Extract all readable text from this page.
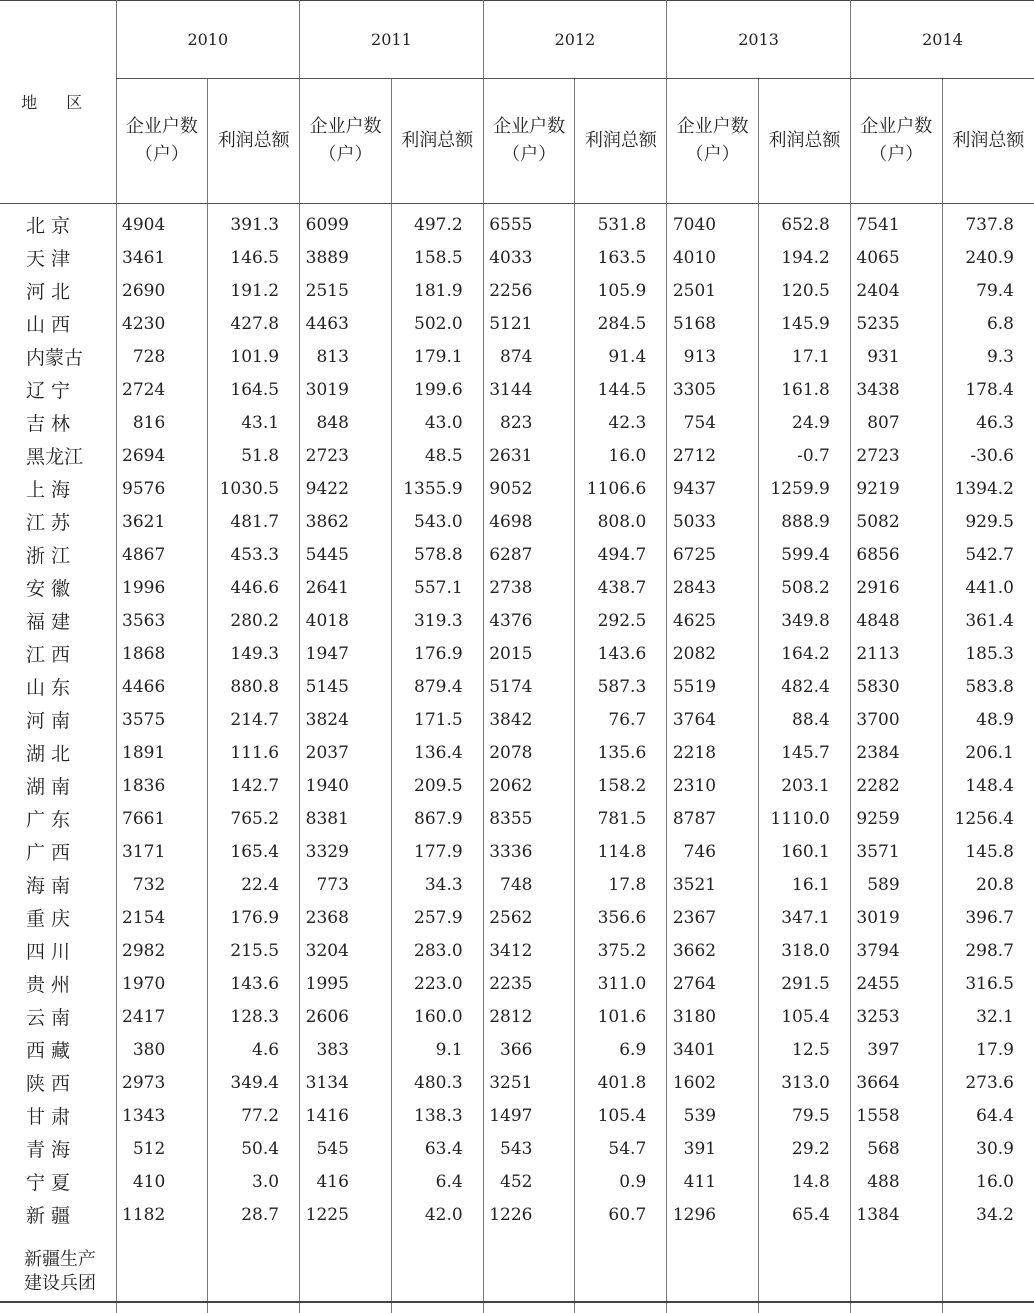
地 区	2010		2011		2012		2013		2014	
	企业户数（户）	利润总额	企业户数（户）	利润总额	企业户数（户）	利润总额	企业户数（户）	利润总额	企业户数（户）	利润总额
北 京	4904	391.3	6099	497.2	6555	531.8	7040	652.8	7541	737.8
天 津	3461	146.5	3889	158.5	4033	163.5	4010	194.2	4065	240.9
河 北	2690	191.2	2515	181.9	2256	105.9	2501	120.5	2404	79.4
山 西	4230	427.8	4463	502.0	5121	284.5	5168	145.9	5235	6.8
内蒙古	728	101.9	813	179.1	874	91.4	913	17.1	931	9.3
辽 宁	2724	164.5	3019	199.6	3144	144.5	3305	161.8	3438	178.4
吉 林	816	43.1	848	43.0	823	42.3	754	24.9	807	46.3
黑龙江	2694	51.8	2723	48.5	2631	16.0	2712	-0.7	2723	-30.6
上 海	9576	1030.5	9422	1355.9	9052	1106.6	9437	1259.9	9219	1394.2
江 苏	3621	481.7	3862	543.0	4698	808.0	5033	888.9	5082	929.5
浙 江	4867	453.3	5445	578.8	6287	494.7	6725	599.4	6856	542.7
安 徽	1996	446.6	2641	557.1	2738	438.7	2843	508.2	2916	441.0
福 建	3563	280.2	4018	319.3	4376	292.5	4625	349.8	4848	361.4
江 西	1868	149.3	1947	176.9	2015	143.6	2082	164.2	2113	185.3
山 东	4466	880.8	5145	879.4	5174	587.3	5519	482.4	5830	583.8
河 南	3575	214.7	3824	171.5	3842	76.7	3764	88.4	3700	48.9
湖 北	1891	111.6	2037	136.4	2078	135.6	2218	145.7	2384	206.1
湖 南	1836	142.7	1940	209.5	2062	158.2	2310	203.1	2282	148.4
广 东	7661	765.2	8381	867.9	8355	781.5	8787	1110.0	9259	1256.4
广 西	3171	165.4	3329	177.9	3336	114.8	746	160.1	3571	145.8
海 南	732	22.4	773	34.3	748	17.8	3521	16.1	589	20.8
重 庆	2154	176.9	2368	257.9	2562	356.6	2367	347.1	3019	396.7
四 川	2982	215.5	3204	283.0	3412	375.2	3662	318.0	3794	298.7
贵 州	1970	143.6	1995	223.0	2235	311.0	2764	291.5	2455	316.5
云 南	2417	128.3	2606	160.0	2812	101.6	3180	105.4	3253	32.1
西 藏	380	4.6	383	9.1	366	6.9	3401	12.5	397	17.9
陕 西	2973	349.4	3134	480.3	3251	401.8	1602	313.0	3664	273.6
甘 肃	1343	77.2	1416	138.3	1497	105.4	539	79.5	1558	64.4
青 海	512	50.4	545	63.4	543	54.7	391	29.2	568	30.9
宁 夏	410	3.0	416	6.4	452	0.9	411	14.8	488	16.0
新 疆	1182	28.7	1225	42.0	1226	60.7	1296	65.4	1384	34.2

新疆生产
建设兵团										
